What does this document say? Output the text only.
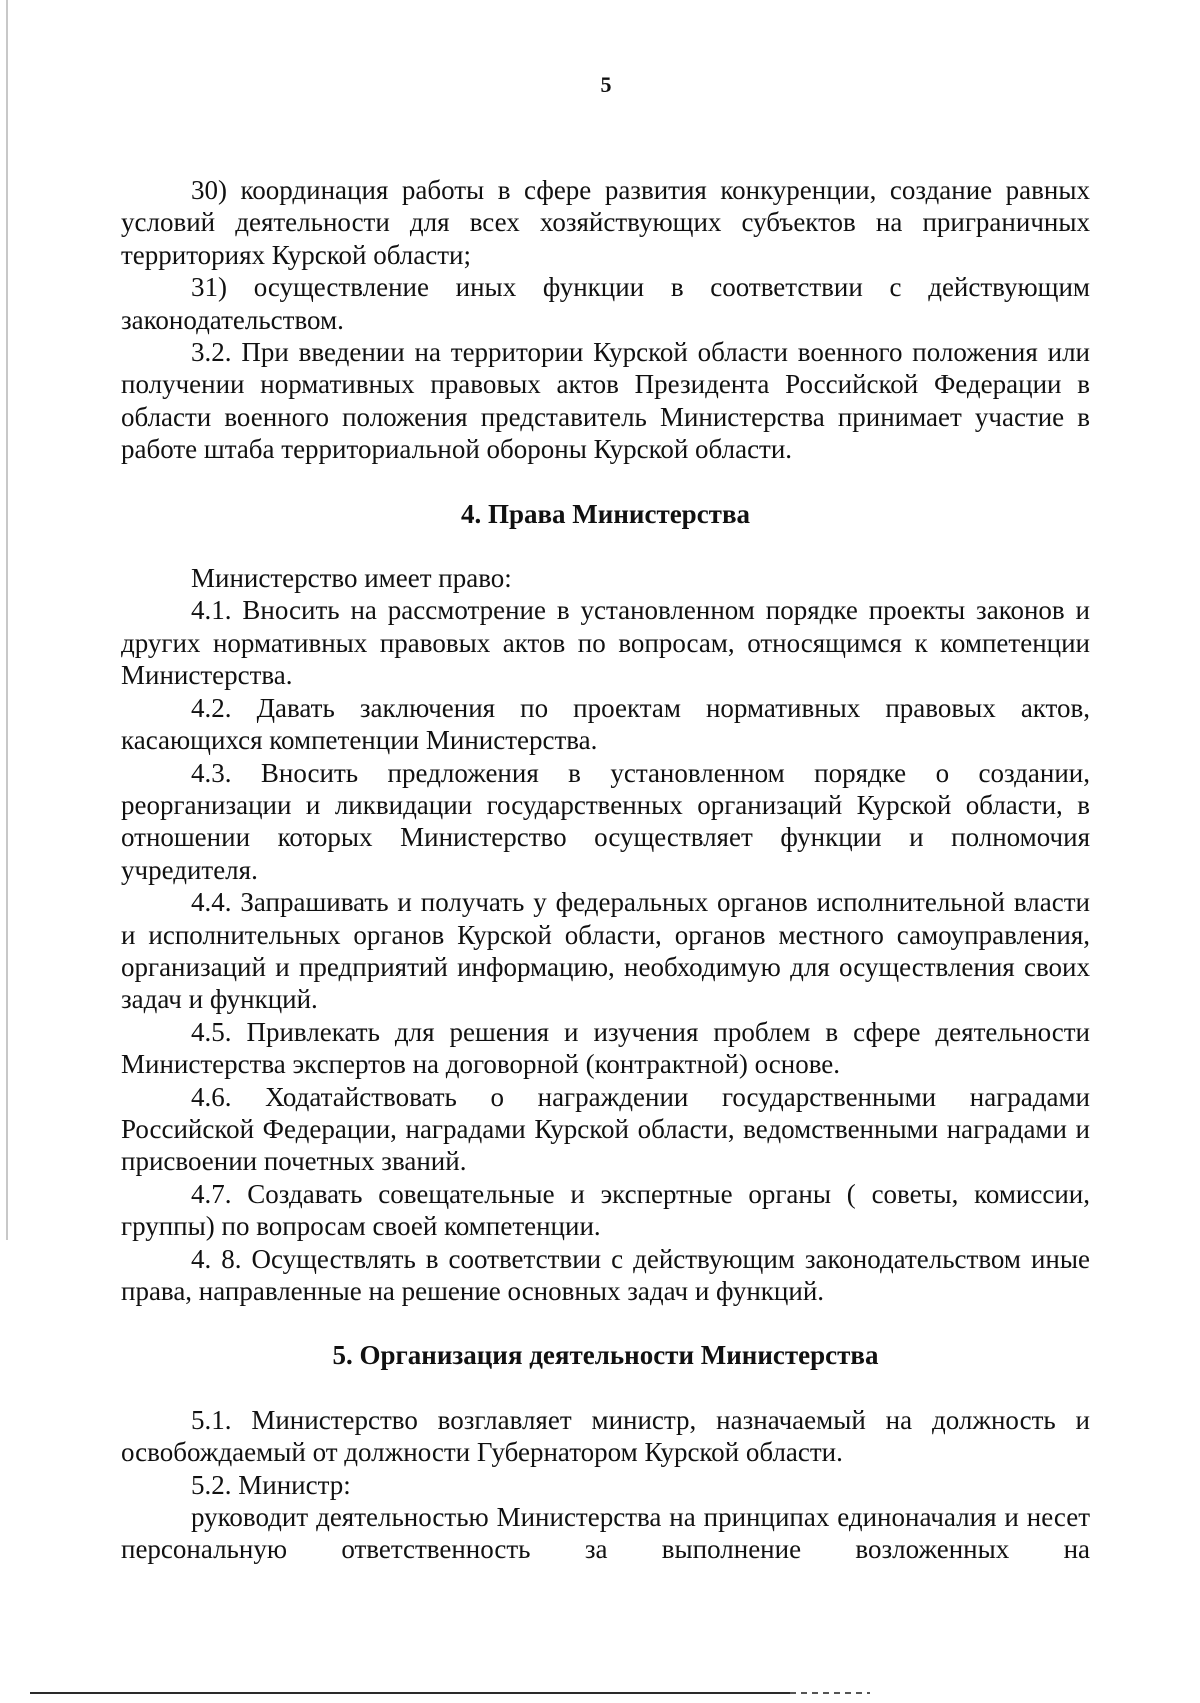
5

30) координация работы в сфере развития конкуренции, создание равных условий деятельности для всех хозяйствующих субъектов на приграничных территориях Курской области;

31) осуществление иных функции в соответствии с действующим законодательством.

3.2. При введении на территории Курской области военного положения или получении нормативных правовых актов Президента Российской Федерации в области военного положения представитель Министерства принимает участие в работе штаба территориальной обороны Курской области.

4. Права Министерства

Министерство имеет право:

4.1. Вносить на рассмотрение в установленном порядке проекты законов и других нормативных правовых актов по вопросам, относящимся к компетенции Министерства.

4.2. Давать заключения по проектам нормативных правовых актов, касающихся компетенции Министерства.

4.3. Вносить предложения в установленном порядке о создании, реорганизации и ликвидации государственных организаций Курской области, в отношении которых Министерство осуществляет функции и полномочия учредителя.

4.4. Запрашивать и получать у федеральных органов исполнительной власти и исполнительных органов Курской области, органов местного самоуправления, организаций и предприятий информацию, необходимую для осуществления своих задач и функций.

4.5. Привлекать для решения и изучения проблем в сфере деятельности Министерства экспертов на договорной (контрактной) основе.

4.6. Ходатайствовать о награждении государственными наградами Российской Федерации, наградами Курской области, ведомственными наградами и присвоении почетных званий.

4.7. Создавать совещательные и экспертные органы ( советы, комиссии, группы) по вопросам своей компетенции.

4. 8. Осуществлять в соответствии с действующим законодательством иные права, направленные на решение основных задач и функций.

5. Организация деятельности Министерства

5.1. Министерство возглавляет министр, назначаемый на должность и освобождаемый от должности Губернатором Курской области.

5.2. Министр:

руководит деятельностью Министерства на принципах единоначалия и несет персональную ответственность за выполнение возложенных на
